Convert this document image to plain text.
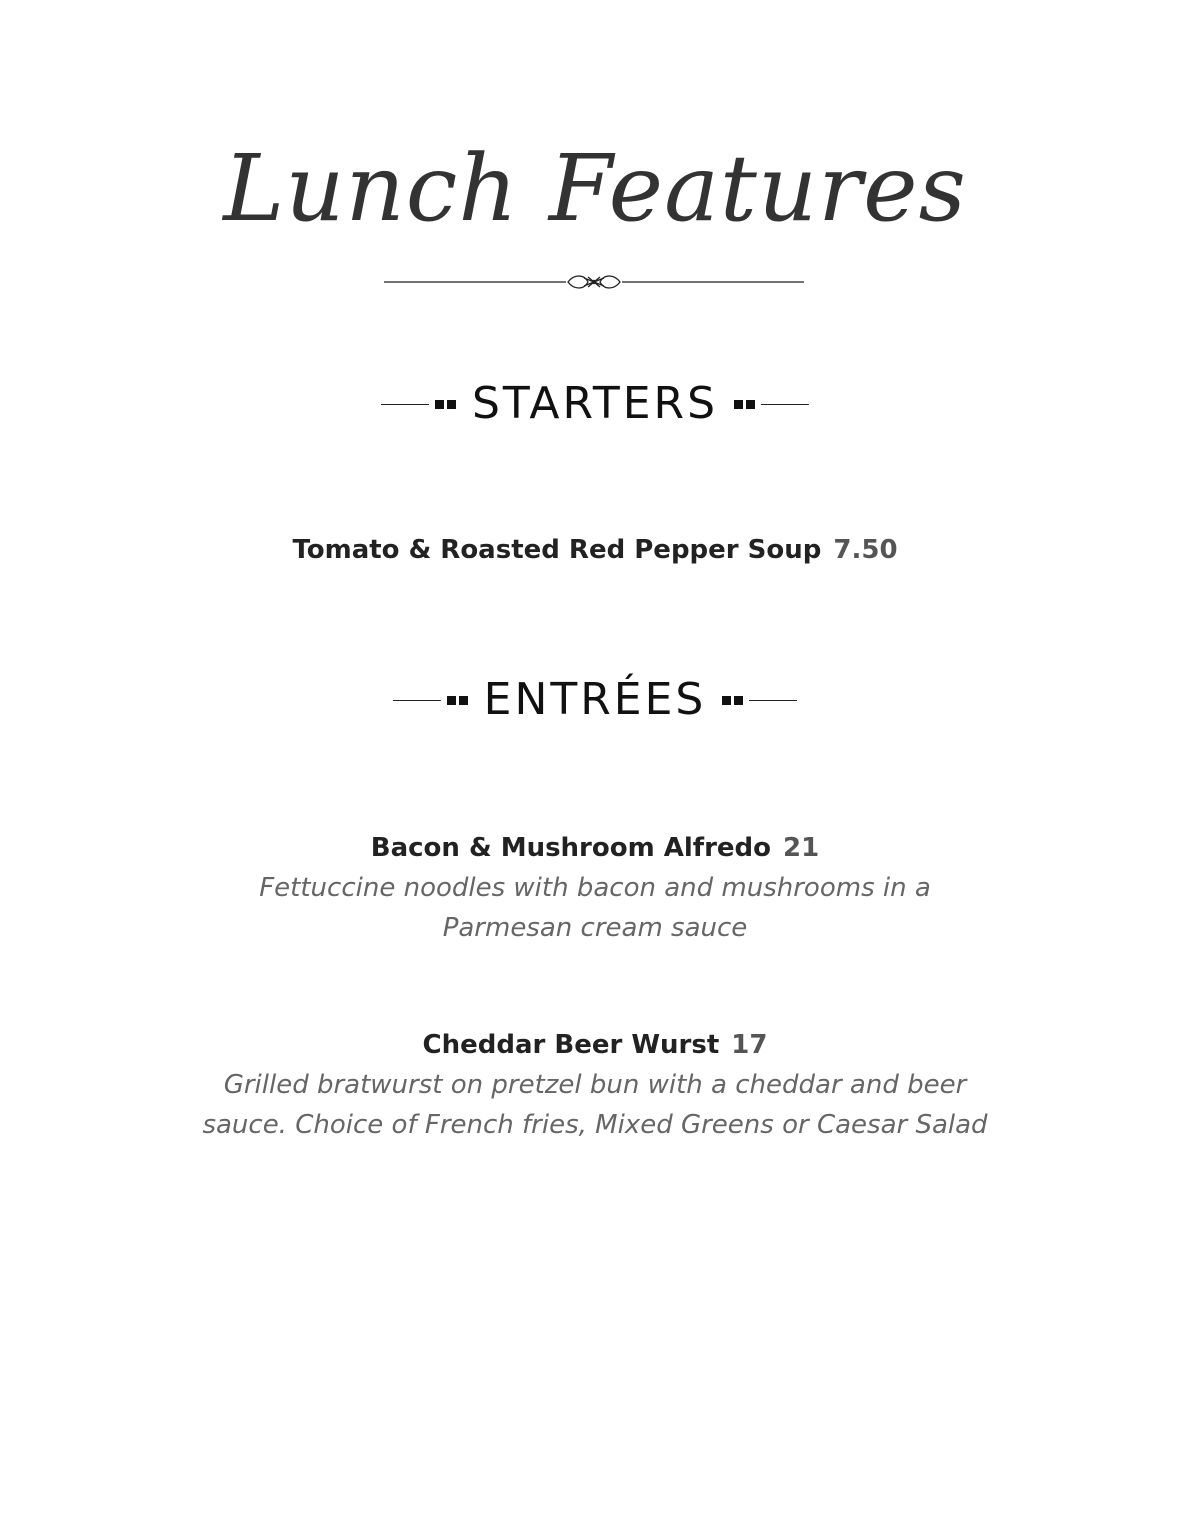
Lunch Features
STARTERS
Tomato & Roasted Red Pepper Soup 7.50
ENTRÉES
Bacon & Mushroom Alfredo 21
Fettuccine noodles with bacon and mushrooms in a Parmesan cream sauce
Cheddar Beer Wurst 17
Grilled bratwurst on pretzel bun with a cheddar and beer sauce. Choice of French fries, Mixed Greens or Caesar Salad
